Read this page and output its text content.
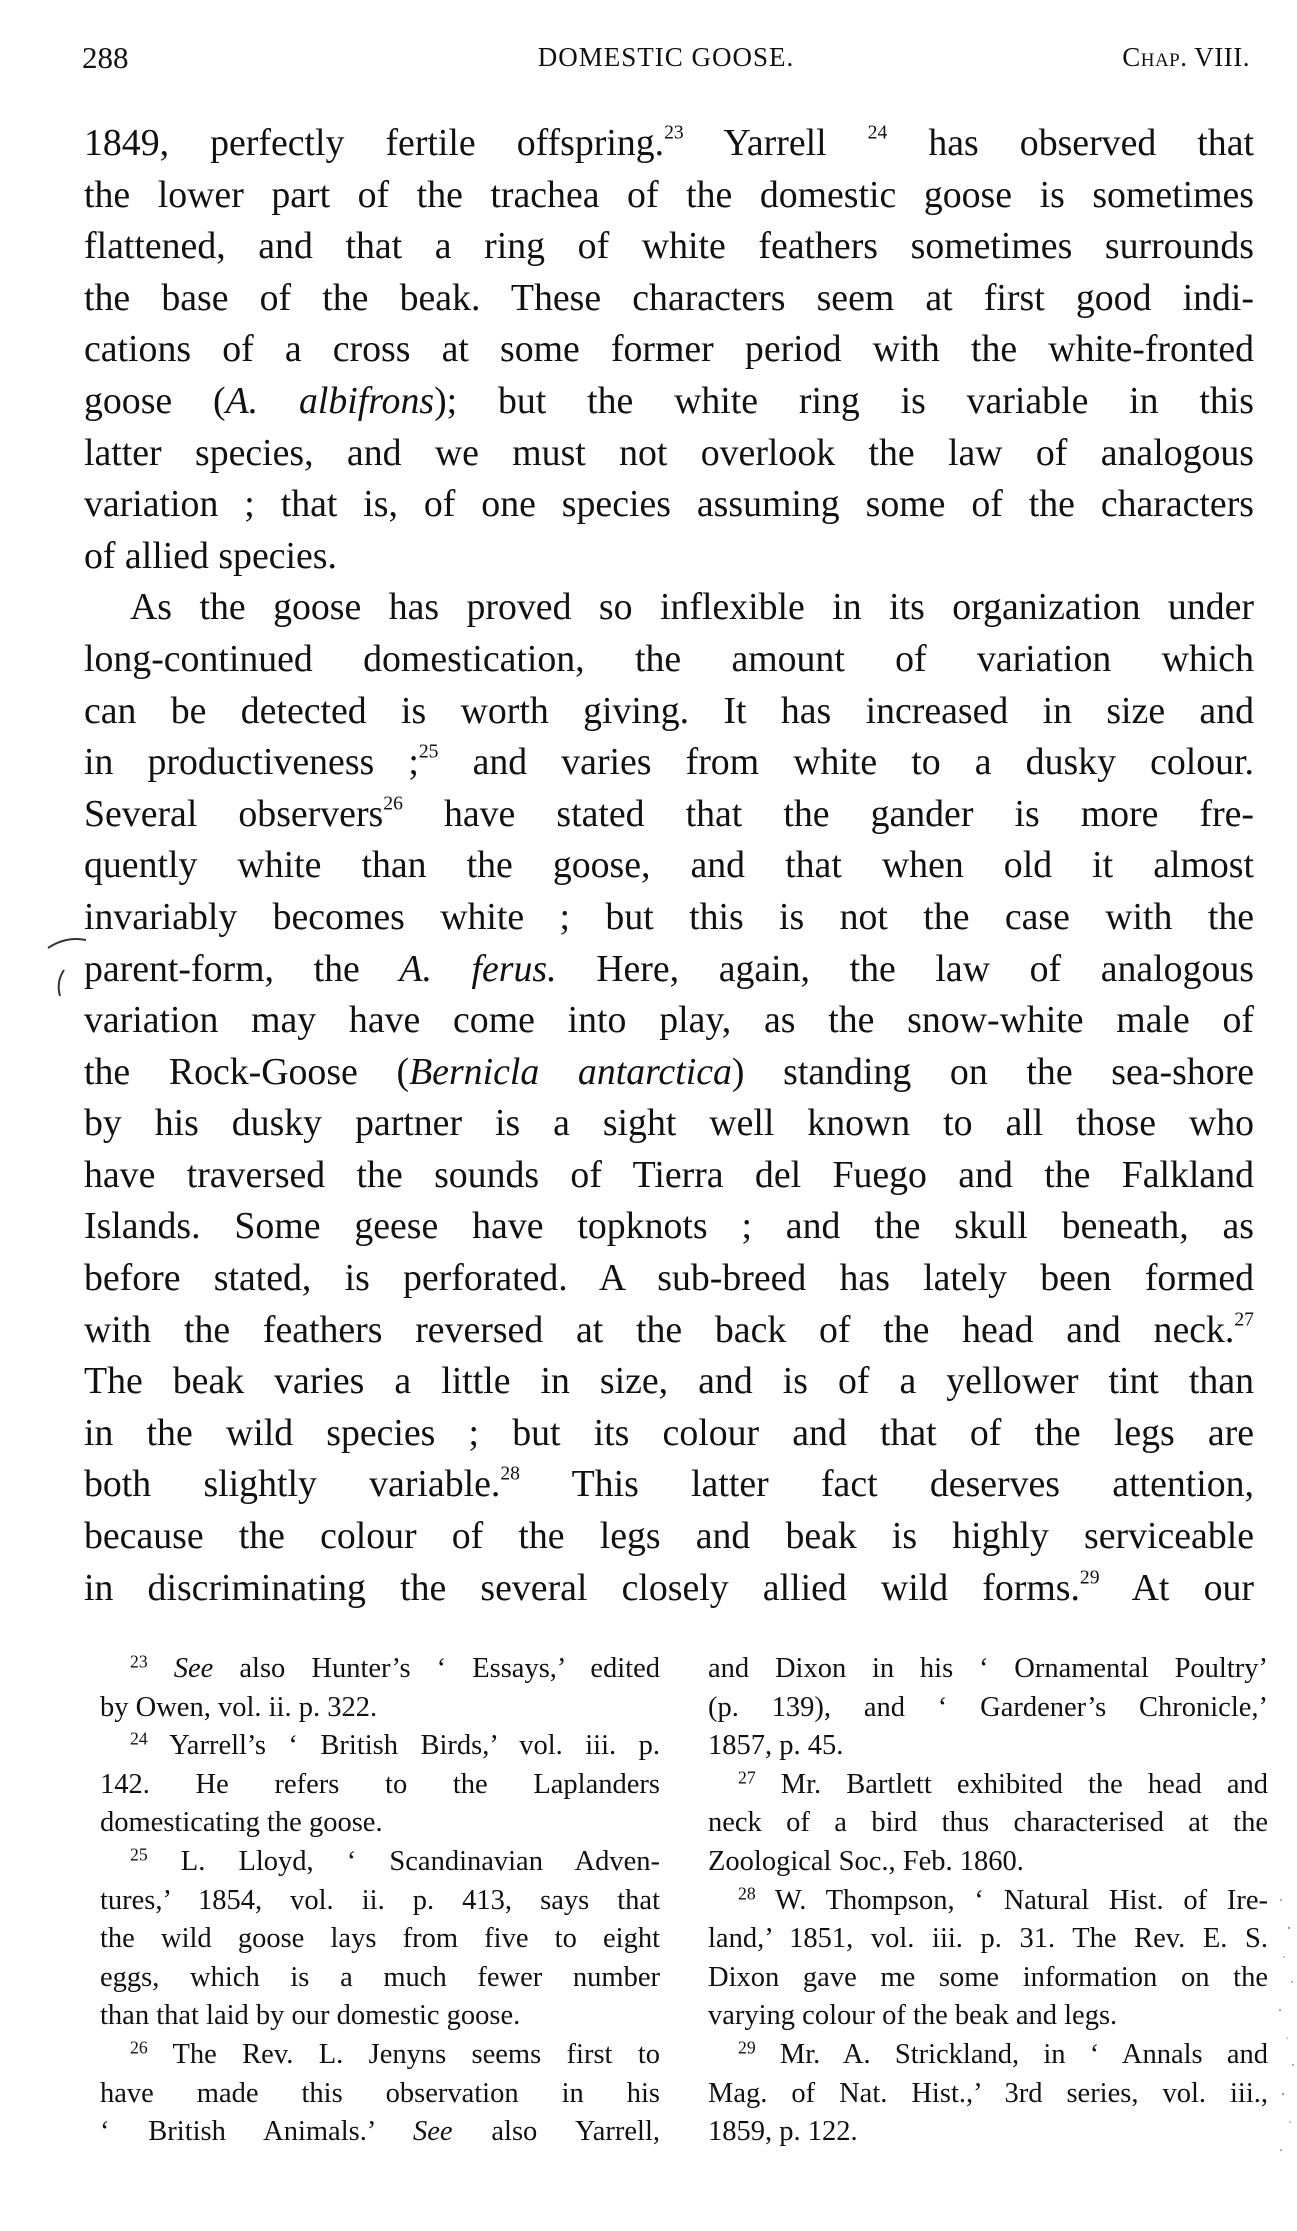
288	DOMESTIC GOOSE.	Chap. VIII.

1849, perfectly fertile offspring.$^{23}$ Yarrell $^{24}$ has observed that
the lower part of the trachea of the domestic goose is sometimes
flattened, and that a ring of white feathers sometimes surrounds
the base of the beak. These characters seem at first good indi-
cations of a cross at some former period with the white-fronted
goose (A. albifrons); but the white ring is variable in this
latter species, and we must not overlook the law of analogous
variation ; that is, of one species assuming some of the characters
of allied species.

As the goose has proved so inflexible in its organization under
long-continued domestication, the amount of variation which
can be detected is worth giving. It has increased in size and
in productiveness ;$^{25}$ and varies from white to a dusky colour.
Several observers$^{26}$ have stated that the gander is more fre-
quently white than the goose, and that when old it almost
invariably becomes white ; but this is not the case with the
parent-form, the A. ferus. Here, again, the law of analogous
variation may have come into play, as the snow-white male of
the Rock-Goose (Bernicla antarctica) standing on the sea-shore
by his dusky partner is a sight well known to all those who
have traversed the sounds of Tierra del Fuego and the Falkland
Islands. Some geese have topknots ; and the skull beneath, as
before stated, is perforated. A sub-breed has lately been formed
with the feathers reversed at the back of the head and neck.$^{27}$
The beak varies a little in size, and is of a yellower tint than
in the wild species ; but its colour and that of the legs are
both slightly variable.$^{28}$ This latter fact deserves attention,
because the colour of the legs and beak is highly serviceable
in discriminating the several closely allied wild forms.$^{29}$ At our

$^{23}$ See also Hunter’s ‘ Essays,’ edited
by Owen, vol. ii. p. 322.
$^{24}$ Yarrell’s ‘ British Birds,’ vol. iii. p.
142. He refers to the Laplanders
domesticating the goose.
$^{25}$ L. Lloyd, ‘ Scandinavian Adven-
tures,’ 1854, vol. ii. p. 413, says that
the wild goose lays from five to eight
eggs, which is a much fewer number
than that laid by our domestic goose.
$^{26}$ The Rev. L. Jenyns seems first to
have made this observation in his
‘ British Animals.’ See also Yarrell,
and Dixon in his ‘ Ornamental Poultry’
(p. 139), and ‘ Gardener’s Chronicle,’
1857, p. 45.
$^{27}$ Mr. Bartlett exhibited the head and
neck of a bird thus characterised at the
Zoological Soc., Feb. 1860.
$^{28}$ W. Thompson, ‘ Natural Hist. of Ire-
land,’ 1851, vol. iii. p. 31. The Rev. E. S.
Dixon gave me some information on the
varying colour of the beak and legs.
$^{29}$ Mr. A. Strickland, in ‘ Annals and
Mag. of Nat. Hist.,’ 3rd series, vol. iii.,
1859, p. 122.
